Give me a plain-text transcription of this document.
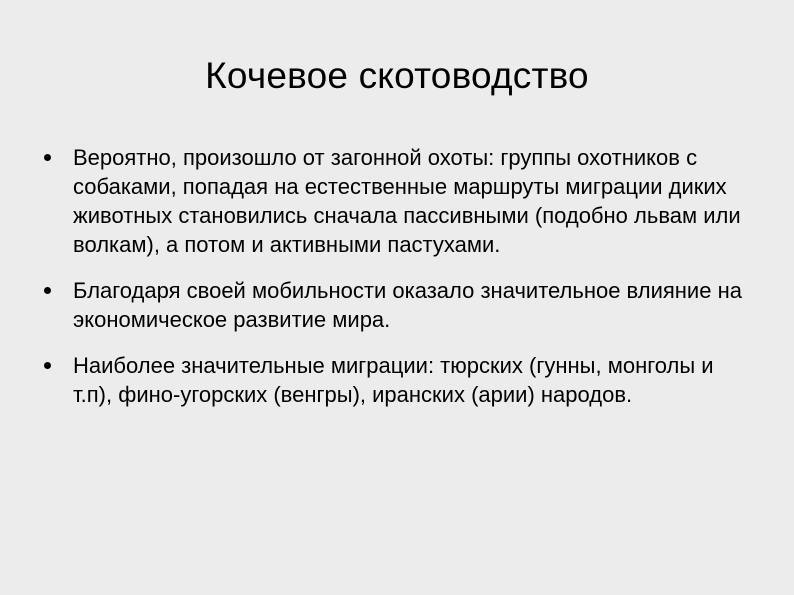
Кочевое скотоводство
Вероятно, произошло от загонной охоты: группы охотников с собаками, попадая на естественные маршруты миграции диких животных становились сначала пассивными (подобно львам или волкам), а потом и активными пастухами.
Благодаря своей мобильности оказало значительное влияние на экономическое развитие мира.
Наиболее значительные миграции: тюрских (гунны, монголы и т.п), фино-угорских (венгры), иранских (арии) народов.
